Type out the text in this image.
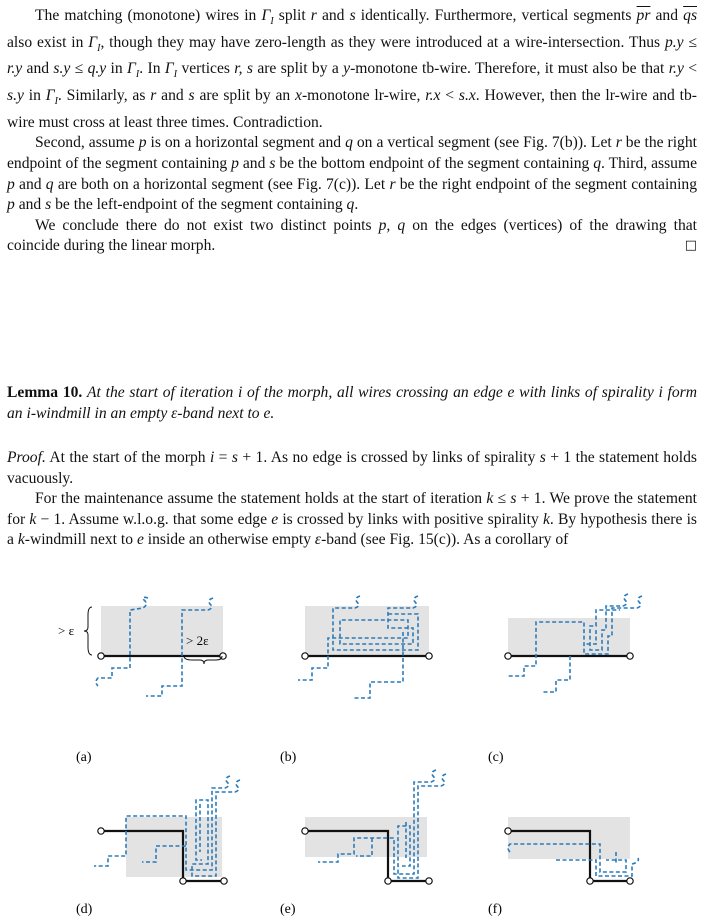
The matching (monotone) wires in $\Gamma_I$ split r and s identically. Furthermore, vertical segments $\overline{pr}$ and $\overline{qs}$ also exist in $\Gamma_I$, though they may have zero-length as they were introduced at a wire-intersection. Thus p.y ≤ r.y and s.y ≤ q.y in $\Gamma_I$. In $\Gamma_I$ vertices r, s are split by a y-monotone tb-wire. Therefore, it must also be that r.y < s.y in $\Gamma_I$. Similarly, as r and s are split by an x-monotone lr-wire, r.x < s.x. However, then the lr-wire and tb-wire must cross at least three times. Contradiction.

Second, assume p is on a horizontal segment and q on a vertical segment (see Fig. 7(b)). Let r be the right endpoint of the segment containing p and s be the bottom endpoint of the segment containing q. Third, assume p and q are both on a horizontal segment (see Fig. 7(c)). Let r be the right endpoint of the segment containing p and s be the left-endpoint of the segment containing q.

We conclude there do not exist two distinct points p, q on the edges (vertices) of the drawing that coincide during the linear morph.	□

Lemma 10. At the start of iteration i of the morph, all wires crossing an edge e with links of spirality i form an i-windmill in an empty ε-band next to e.

Proof. At the start of the morph i = s + 1. As no edge is crossed by links of spirality s + 1 the statement holds vacuously.

For the maintenance assume the statement holds at the start of iteration k ≤ s + 1. We prove the statement for k − 1. Assume w.l.o.g. that some edge e is crossed by links with positive spirality k. By hypothesis there is a k-windmill next to e inside an otherwise empty ε-band (see Fig. 15(c)). As a corollary of

> ε
> 2ε
(a)	(b)	(c)
(d)	(e)	(f)
